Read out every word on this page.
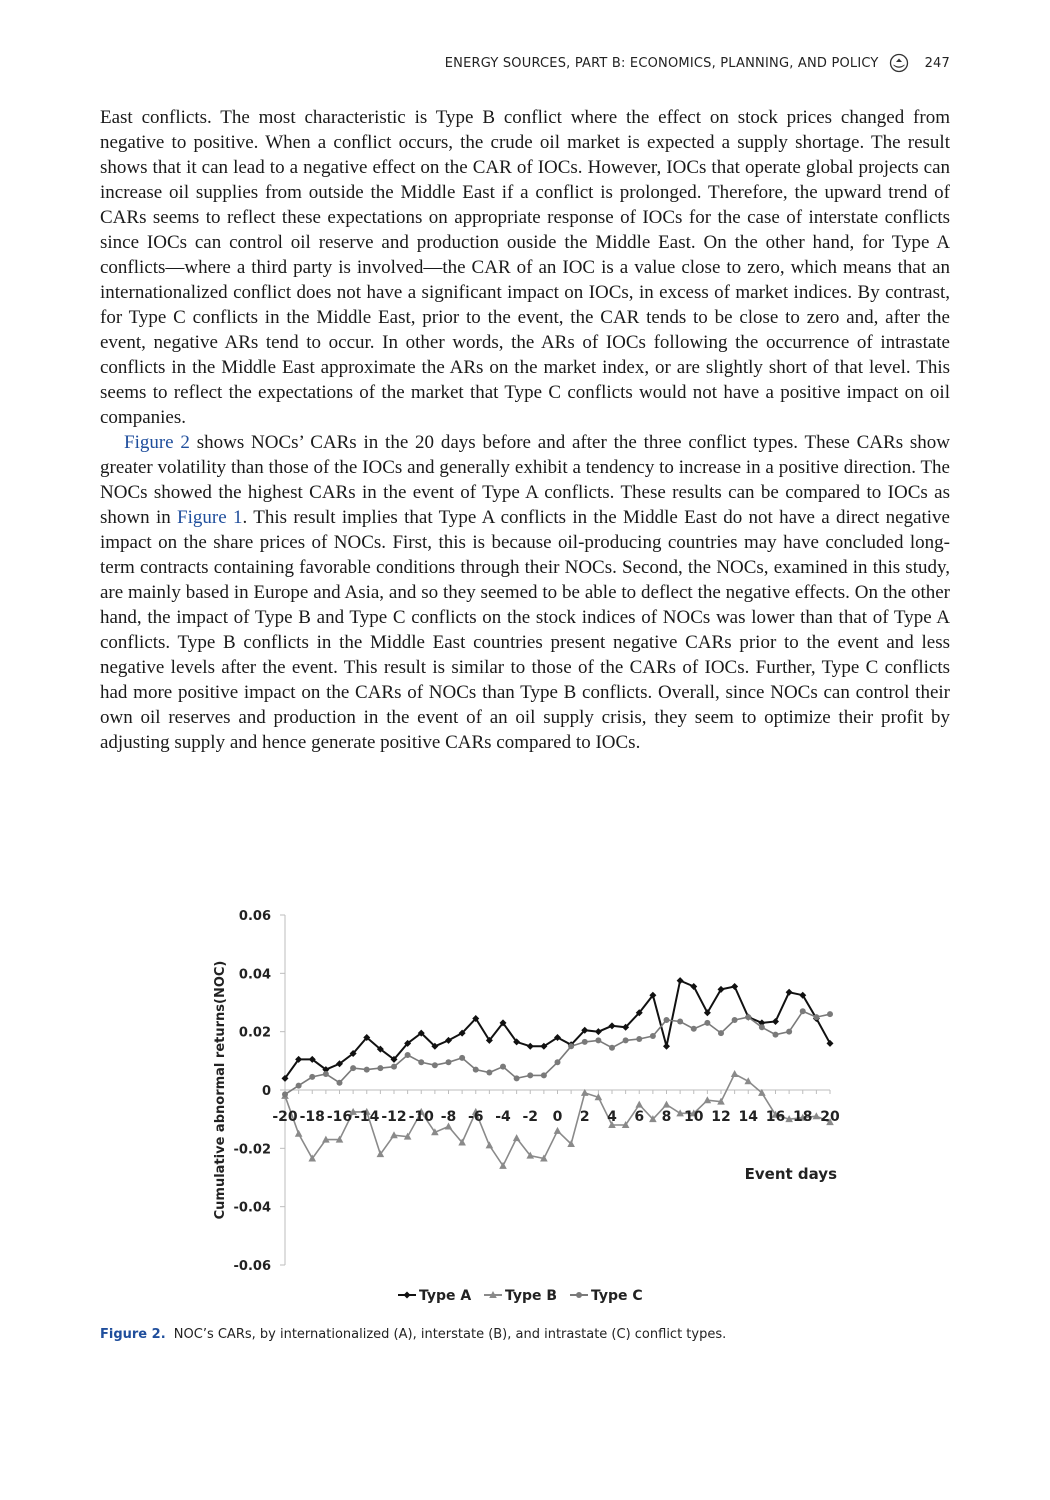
ENERGY SOURCES, PART B: ECONOMICS, PLANNING, AND POLICY	247

East conflicts. The most characteristic is Type B conflict where the effect on stock prices changed from negative to positive. When a conflict occurs, the crude oil market is expected a supply shortage. The result shows that it can lead to a negative effect on the CAR of IOCs. However, IOCs that operate global projects can increase oil supplies from outside the Middle East if a conflict is prolonged. Therefore, the upward trend of CARs seems to reflect these expectations on appropriate response of IOCs for the case of interstate conflicts since IOCs can control oil reserve and production ouside the Middle East. On the other hand, for Type A conflicts—where a third party is involved—the CAR of an IOC is a value close to zero, which means that an internationalized conflict does not have a significant impact on IOCs, in excess of market indices. By contrast, for Type C conflicts in the Middle East, prior to the event, the CAR tends to be close to zero and, after the event, negative ARs tend to occur. In other words, the ARs of IOCs following the occurrence of intrastate conflicts in the Middle East approximate the ARs on the market index, or are slightly short of that level. This seems to reflect the expectations of the market that Type C conflicts would not have a positive impact on oil companies.

Figure 2 shows NOCs’ CARs in the 20 days before and after the three conflict types. These CARs show greater volatility than those of the IOCs and generally exhibit a tendency to increase in a positive direction. The NOCs showed the highest CARs in the event of Type A conflicts. These results can be compared to IOCs as shown in Figure 1. This result implies that Type A conflicts in the Middle East do not have a direct negative impact on the share prices of NOCs. First, this is because oil-producing countries may have concluded long-term contracts containing favorable conditions through their NOCs. Second, the NOCs, examined in this study, are mainly based in Europe and Asia, and so they seemed to be able to deflect the negative effects. On the other hand, the impact of Type B and Type C conflicts on the stock indices of NOCs was lower than that of Type A conflicts. Type B conflicts in the Middle East countries present negative CARs prior to the event and less negative levels after the event. This result is similar to those of the CARs of IOCs. Further, Type C conflicts had more positive impact on the CARs of NOCs than Type B conflicts. Overall, since NOCs can control their own oil reserves and production in the event of an oil supply crisis, they seem to optimize their profit by adjusting supply and hence generate positive CARs compared to IOCs.

0.06
0.04
0.02
0
-0.02
-0.04
-0.06
-20 -18 -16 -14 -12 -10 -8 -6 -4 -2 0 2 4 6 8 10 12 14 16 18 20
Cumulative abnormal returns(NOC)	Event days
Type A Type B Type C
Figure 2. NOC’s CARs, by internationalized (A), interstate (B), and intrastate (C) conflict types.
